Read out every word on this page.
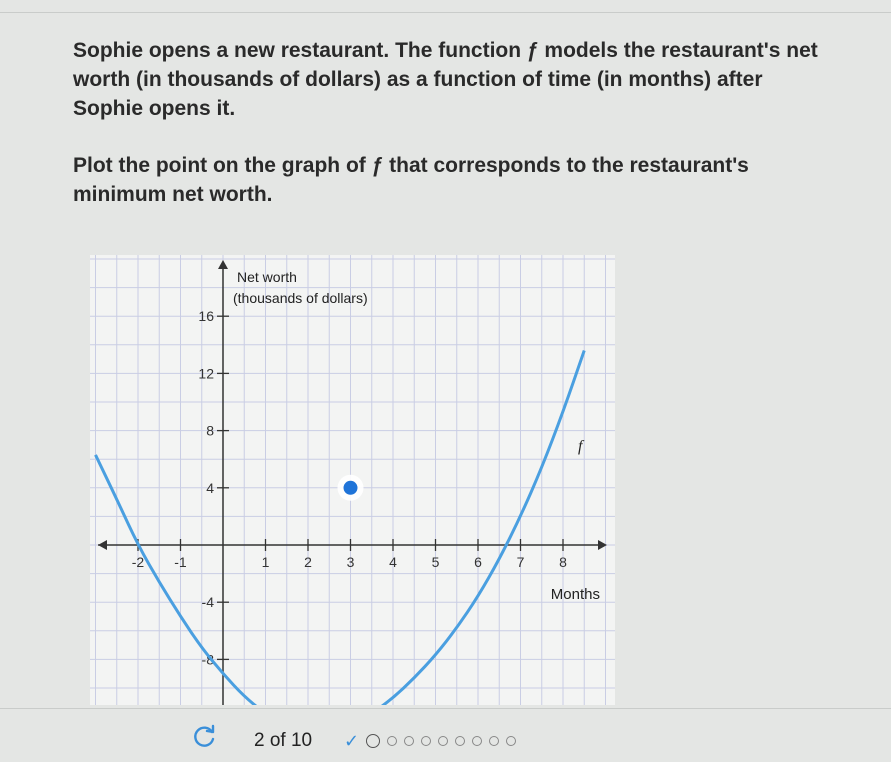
Sophie opens a new restaurant. The function ƒ models the restaurant's net worth (in thousands of dollars) as a function of time (in months) after Sophie opens it.

Plot the point on the graph of ƒ that corresponds to the restaurant's minimum net worth.

-2 -1	1 2 3 4 5 6 7 8
-8
-4
4
8
12
16
Net worth
(thousands of dollars)
Months
f
2 of 10 ✓
